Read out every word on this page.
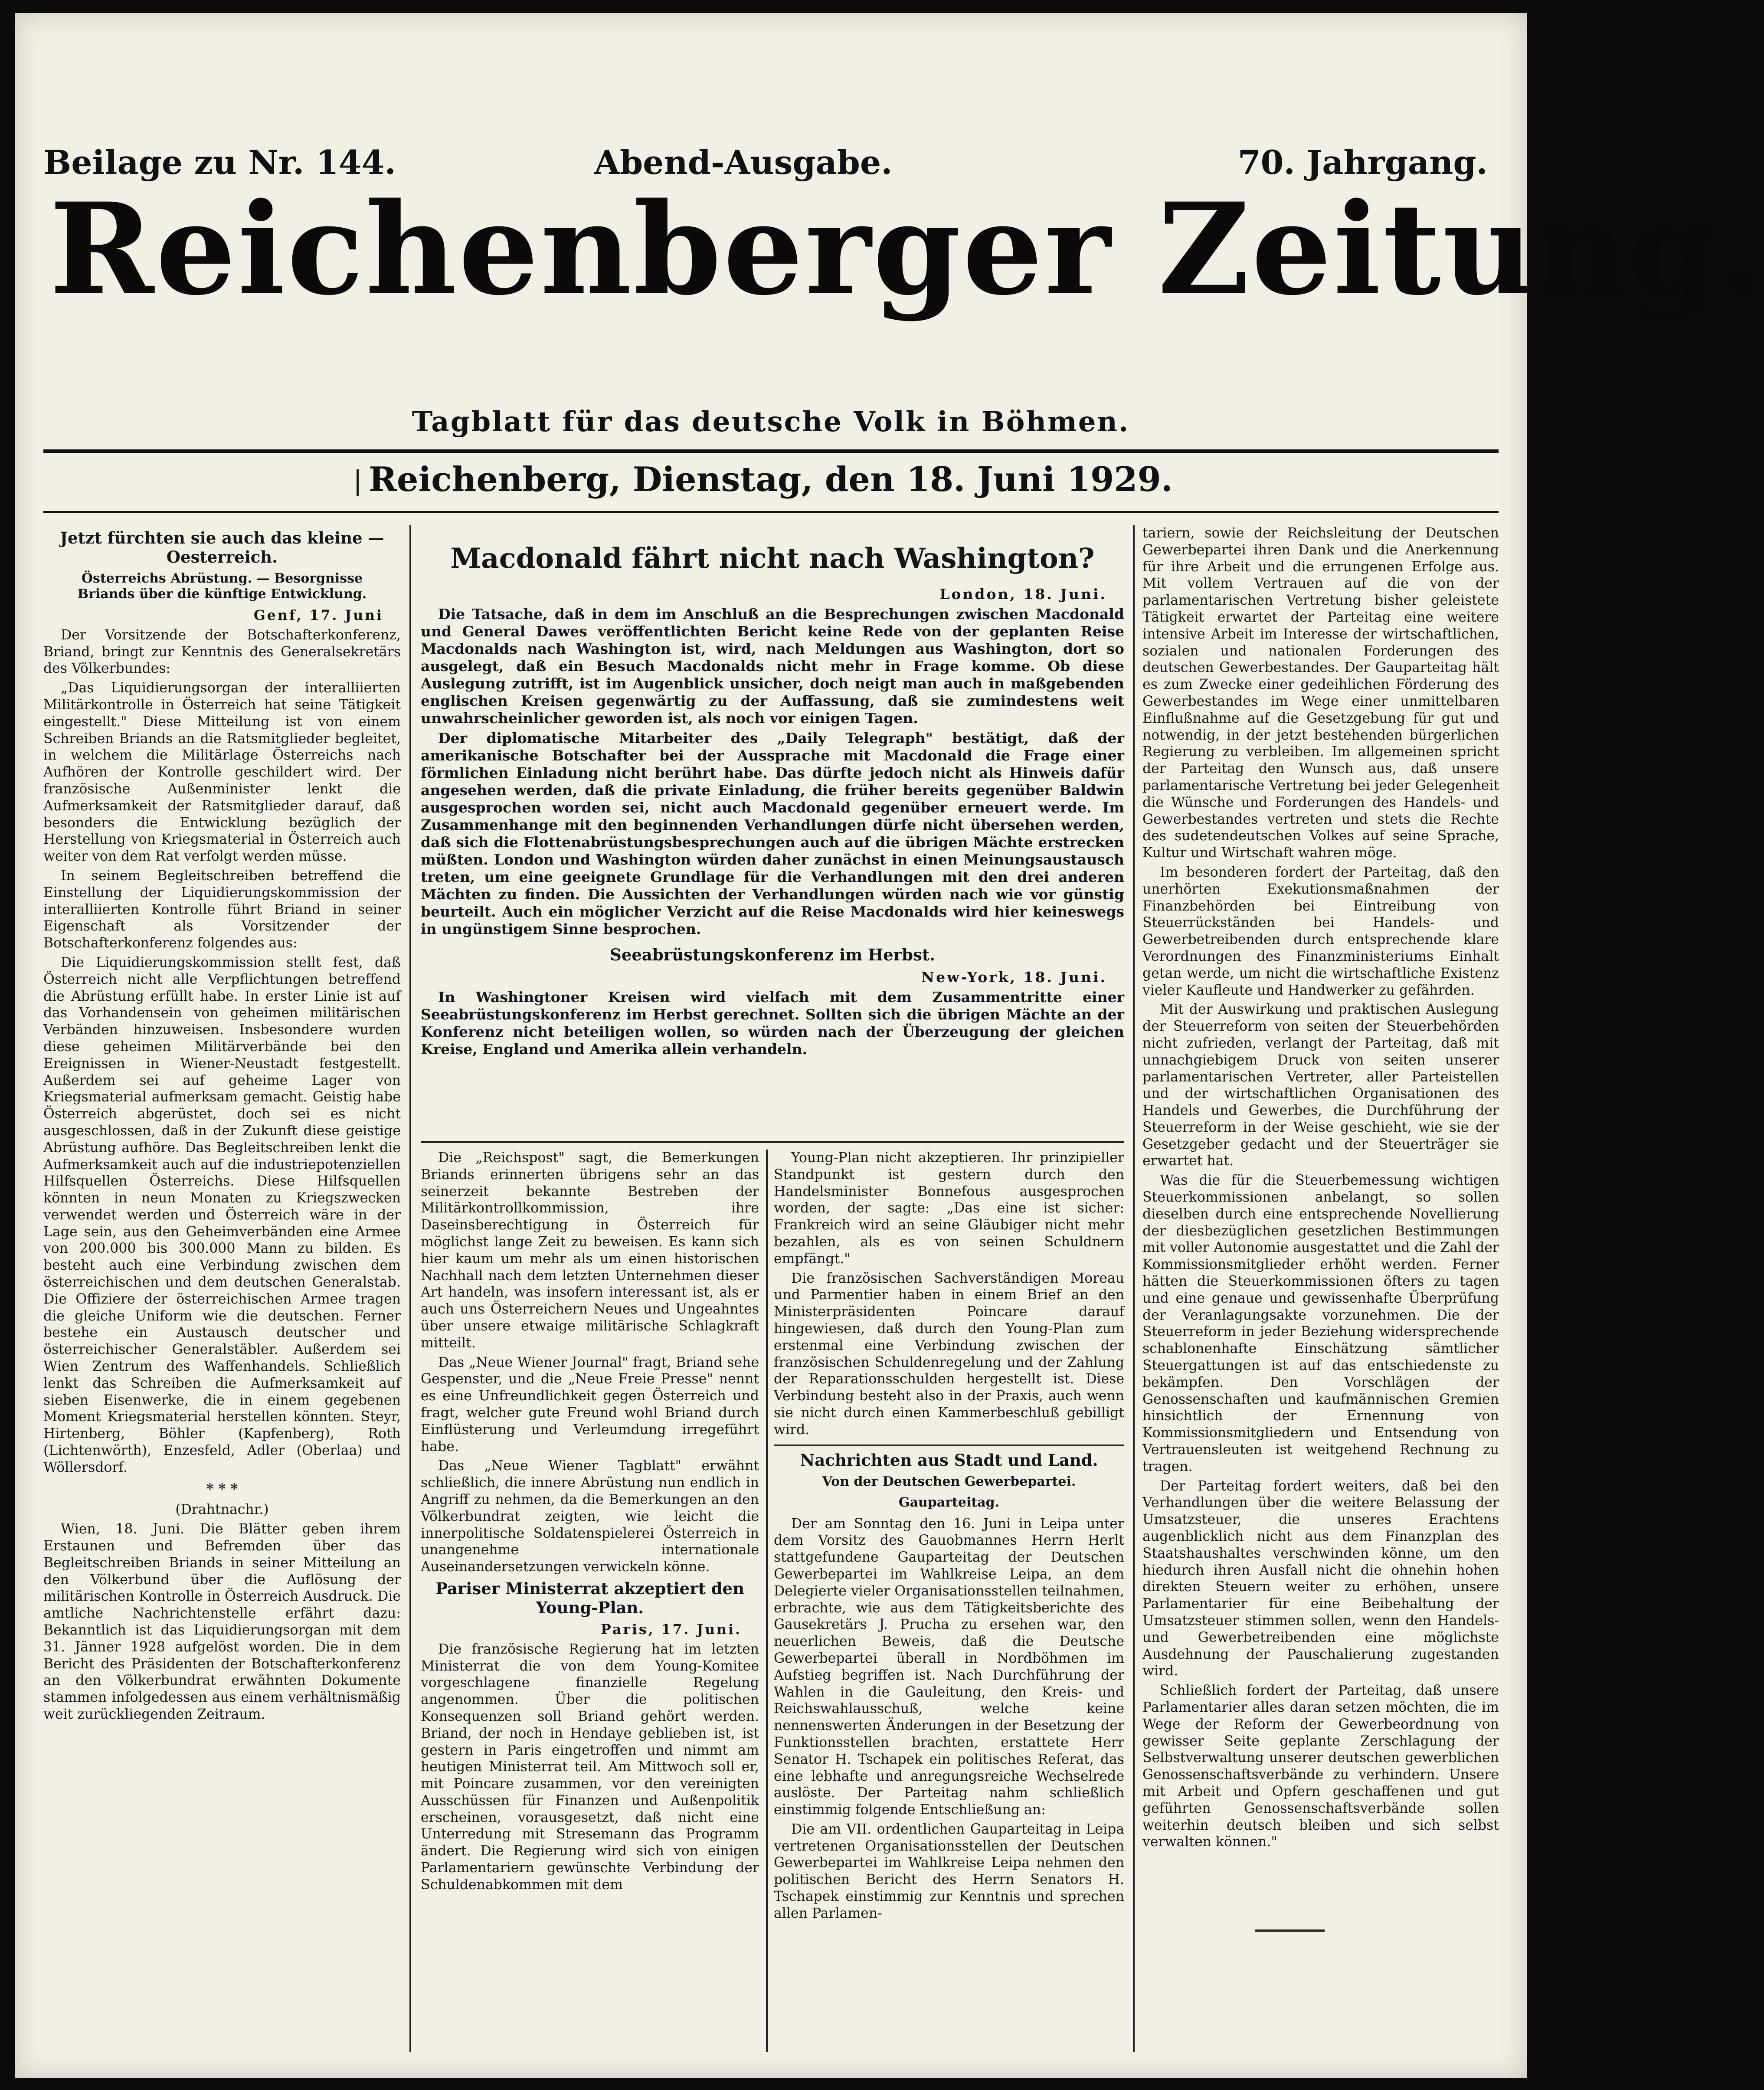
Beilage zu Nr. 144.	Abend-Ausgabe.	70. Jahrgang.
Reichenberger Zeitung.
Tagblatt für das deutsche Volk in Böhmen.
Reichenberg, Dienstag, den 18. Juni 1929.
Jetzt fürchten sie auch das kleine — Oesterreich.
Österreichs Abrüstung. — Besorgnisse Briands über die künftige Entwicklung.

Genf, 17. Juni

Der Vorsitzende der Botschafterkonferenz, Briand, bringt zur Kenntnis des Generalsekretärs des Völkerbundes:

„Das Liquidierungsorgan der interalliierten Militärkontrolle in Österreich hat seine Tätigkeit eingestellt." Diese Mitteilung ist von einem Schreiben Briands an die Ratsmitglieder begleitet, in welchem die Militärlage Österreichs nach Aufhören der Kontrolle geschildert wird. Der französische Außenminister lenkt die Aufmerksamkeit der Ratsmitglieder darauf, daß besonders die Entwicklung bezüglich der Herstellung von Kriegsmaterial in Österreich auch weiter von dem Rat verfolgt werden müsse.

In seinem Begleitschreiben betreffend die Einstellung der Liquidierungskommission der interalliierten Kontrolle führt Briand in seiner Eigenschaft als Vorsitzender der Botschafterkonferenz folgendes aus:

Die Liquidierungskommission stellt fest, daß Österreich nicht alle Verpflichtungen betreffend die Abrüstung erfüllt habe. In erster Linie ist auf das Vorhandensein von geheimen militärischen Verbänden hinzuweisen. Insbesondere wurden diese geheimen Militärverbände bei den Ereignissen in Wiener-Neustadt festgestellt. Außerdem sei auf geheime Lager von Kriegsmaterial aufmerksam gemacht. Geistig habe Österreich abgerüstet, doch sei es nicht ausgeschlossen, daß in der Zukunft diese geistige Abrüstung aufhöre. Das Begleitschreiben lenkt die Aufmerksamkeit auch auf die industriepotenziellen Hilfsquellen Österreichs. Diese Hilfsquellen könnten in neun Monaten zu Kriegszwecken verwendet werden und Österreich wäre in der Lage sein, aus den Geheimverbänden eine Armee von 200.000 bis 300.000 Mann zu bilden. Es besteht auch eine Verbindung zwischen dem österreichischen und dem deutschen Generalstab. Die Offiziere der österreichischen Armee tragen die gleiche Uniform wie die deutschen. Ferner bestehe ein Austausch deutscher und österreichischer Generalstäbler. Außerdem sei Wien Zentrum des Waffenhandels. Schließlich lenkt das Schreiben die Aufmerksamkeit auf sieben Eisenwerke, die in einem gegebenen Moment Kriegsmaterial herstellen könnten. Steyr, Hirtenberg, Böhler (Kapfenberg), Roth (Lichtenwörth), Enzesfeld, Adler (Oberlaa) und Wöllersdorf.

* * *

(Drahtnachr.)

Wien, 18. Juni. Die Blätter geben ihrem Erstaunen und Befremden über das Begleitschreiben Briands in seiner Mitteilung an den Völkerbund über die Auflösung der militärischen Kontrolle in Österreich Ausdruck. Die amtliche Nachrichtenstelle erfährt dazu: Bekanntlich ist das Liquidierungsorgan mit dem 31. Jänner 1928 aufgelöst worden. Die in dem Bericht des Präsidenten der Botschafterkonferenz an den Völkerbundrat erwähnten Dokumente stammen infolgedessen aus einem verhältnismäßig weit zurückliegenden Zeitraum.

Macdonald fährt nicht nach Washington?

London, 18. Juni.

Die Tatsache, daß in dem im Anschluß an die Besprechungen zwischen Macdonald und General Dawes veröffentlichten Bericht keine Rede von der geplanten Reise Macdonalds nach Washington ist, wird, nach Meldungen aus Washington, dort so ausgelegt, daß ein Besuch Macdonalds nicht mehr in Frage komme. Ob diese Auslegung zutrifft, ist im Augenblick unsicher, doch neigt man auch in maßgebenden englischen Kreisen gegenwärtig zu der Auffassung, daß sie zumindestens weit unwahrscheinlicher geworden ist, als noch vor einigen Tagen.

Der diplomatische Mitarbeiter des „Daily Telegraph" bestätigt, daß der amerikanische Botschafter bei der Aussprache mit Macdonald die Frage einer förmlichen Einladung nicht berührt habe. Das dürfte jedoch nicht als Hinweis dafür angesehen werden, daß die private Einladung, die früher bereits gegenüber Baldwin ausgesprochen worden sei, nicht auch Macdonald gegenüber erneuert werde. Im Zusammenhange mit den beginnenden Verhandlungen dürfe nicht übersehen werden, daß sich die Flottenabrüstungsbesprechungen auch auf die übrigen Mächte erstrecken müßten. London und Washington würden daher zunächst in einen Meinungsaustausch treten, um eine geeignete Grundlage für die Verhandlungen mit den drei anderen Mächten zu finden. Die Aussichten der Verhandlungen würden nach wie vor günstig beurteilt. Auch ein möglicher Verzicht auf die Reise Macdonalds wird hier keineswegs in ungünstigem Sinne besprochen.

Seeabrüstungskonferenz im Herbst.

New-York, 18. Juni.

In Washingtoner Kreisen wird vielfach mit dem Zusammentritte einer Seeabrüstungskonferenz im Herbst gerechnet. Sollten sich die übrigen Mächte an der Konferenz nicht beteiligen wollen, so würden nach der Überzeugung der gleichen Kreise, England und Amerika allein verhandeln.

Die „Reichspost" sagt, die Bemerkungen Briands erinnerten übrigens sehr an das seinerzeit bekannte Bestreben der Militärkontrollkommission, ihre Daseinsberechtigung in Österreich für möglichst lange Zeit zu beweisen. Es kann sich hier kaum um mehr als um einen historischen Nachhall nach dem letzten Unternehmen dieser Art handeln, was insofern interessant ist, als er auch uns Österreichern Neues und Ungeahntes über unsere etwaige militärische Schlagkraft mitteilt.

Das „Neue Wiener Journal" fragt, Briand sehe Gespenster, und die „Neue Freie Presse" nennt es eine Unfreundlichkeit gegen Österreich und fragt, welcher gute Freund wohl Briand durch Einflüsterung und Verleumdung irregeführt habe.

Das „Neue Wiener Tagblatt" erwähnt schließlich, die innere Abrüstung nun endlich in Angriff zu nehmen, da die Bemerkungen an den Völkerbundrat zeigten, wie leicht die innerpolitische Soldatenspielerei Österreich in unangenehme internationale Auseinandersetzungen verwickeln könne.

Pariser Ministerrat akzeptiert den Young-Plan.

Paris, 17. Juni.

Die französische Regierung hat im letzten Ministerrat die von dem Young-Komitee vorgeschlagene finanzielle Regelung angenommen. Über die politischen Konsequenzen soll Briand gehört werden. Briand, der noch in Hendaye geblieben ist, ist gestern in Paris eingetroffen und nimmt am heutigen Ministerrat teil. Am Mittwoch soll er, mit Poincare zusammen, vor den vereinigten Ausschüssen für Finanzen und Außenpolitik erscheinen, vorausgesetzt, daß nicht eine Unterredung mit Stresemann das Programm ändert. Die Regierung wird sich von einigen Parlamentariern gewünschte Verbindung der Schuldenabkommen mit dem

Young-Plan nicht akzeptieren. Ihr prinzipieller Standpunkt ist gestern durch den Handelsminister Bonnefous ausgesprochen worden, der sagte: „Das eine ist sicher: Frankreich wird an seine Gläubiger nicht mehr bezahlen, als es von seinen Schuldnern empfängt."

Die französischen Sachverständigen Moreau und Parmentier haben in einem Brief an den Ministerpräsidenten Poincare darauf hingewiesen, daß durch den Young-Plan zum erstenmal eine Verbindung zwischen der französischen Schuldenregelung und der Zahlung der Reparationsschulden hergestellt ist. Diese Verbindung besteht also in der Praxis, auch wenn sie nicht durch einen Kammerbeschluß gebilligt wird.

Nachrichten aus Stadt und Land.
Von der Deutschen Gewerbepartei.
Gauparteitag.

Der am Sonntag den 16. Juni in Leipa unter dem Vorsitz des Gauobmannes Herrn Herlt stattgefundene Gauparteitag der Deutschen Gewerbepartei im Wahlkreise Leipa, an dem Delegierte vieler Organisationsstellen teilnahmen, erbrachte, wie aus dem Tätigkeitsberichte des Gausekretärs J. Prucha zu ersehen war, den neuerlichen Beweis, daß die Deutsche Gewerbepartei überall in Nordböhmen im Aufstieg begriffen ist. Nach Durchführung der Wahlen in die Gauleitung, den Kreis- und Reichswahlausschuß, welche keine nennenswerten Änderungen in der Besetzung der Funktionsstellen brachten, erstattete Herr Senator H. Tschapek ein politisches Referat, das eine lebhafte und anregungsreiche Wechselrede auslöste. Der Parteitag nahm schließlich einstimmig folgende Entschließung an:

Die am VII. ordentlichen Gauparteitag in Leipa vertretenen Organisationsstellen der Deutschen Gewerbepartei im Wahlkreise Leipa nehmen den politischen Bericht des Herrn Senators H. Tschapek einstimmig zur Kenntnis und sprechen allen Parlamen-

tariern, sowie der Reichsleitung der Deutschen Gewerbepartei ihren Dank und die Anerkennung für ihre Arbeit und die errungenen Erfolge aus. Mit vollem Vertrauen auf die von der parlamentarischen Vertretung bisher geleistete Tätigkeit erwartet der Parteitag eine weitere intensive Arbeit im Interesse der wirtschaftlichen, sozialen und nationalen Forderungen des deutschen Gewerbestandes. Der Gauparteitag hält es zum Zwecke einer gedeihlichen Förderung des Gewerbestandes im Wege einer unmittelbaren Einflußnahme auf die Gesetzgebung für gut und notwendig, in der jetzt bestehenden bürgerlichen Regierung zu verbleiben. Im allgemeinen spricht der Parteitag den Wunsch aus, daß unsere parlamentarische Vertretung bei jeder Gelegenheit die Wünsche und Forderungen des Handels- und Gewerbestandes vertreten und stets die Rechte des sudetendeutschen Volkes auf seine Sprache, Kultur und Wirtschaft wahren möge.

Im besonderen fordert der Parteitag, daß den unerhörten Exekutionsmaßnahmen der Finanzbehörden bei Eintreibung von Steuerrückständen bei Handels- und Gewerbetreibenden durch entsprechende klare Verordnungen des Finanzministeriums Einhalt getan werde, um nicht die wirtschaftliche Existenz vieler Kaufleute und Handwerker zu gefährden.

Mit der Auswirkung und praktischen Auslegung der Steuerreform von seiten der Steuerbehörden nicht zufrieden, verlangt der Parteitag, daß mit unnachgiebigem Druck von seiten unserer parlamentarischen Vertreter, aller Parteistellen und der wirtschaftlichen Organisationen des Handels und Gewerbes, die Durchführung der Steuerreform in der Weise geschieht, wie sie der Gesetzgeber gedacht und der Steuerträger sie erwartet hat.

Was die für die Steuerbemessung wichtigen Steuerkommissionen anbelangt, so sollen dieselben durch eine entsprechende Novellierung der diesbezüglichen gesetzlichen Bestimmungen mit voller Autonomie ausgestattet und die Zahl der Kommissionsmitglieder erhöht werden. Ferner hätten die Steuerkommissionen öfters zu tagen und eine genaue und gewissenhafte Überprüfung der Veranlagungsakte vorzunehmen. Die der Steuerreform in jeder Beziehung widersprechende schablonenhafte Einschätzung sämtlicher Steuergattungen ist auf das entschiedenste zu bekämpfen. Den Vorschlägen der Genossenschaften und kaufmännischen Gremien hinsichtlich der Ernennung von Kommissionsmitgliedern und Entsendung von Vertrauensleuten ist weitgehend Rechnung zu tragen.

Der Parteitag fordert weiters, daß bei den Verhandlungen über die weitere Belassung der Umsatzsteuer, die unseres Erachtens augenblicklich nicht aus dem Finanzplan des Staatshaushaltes verschwinden könne, um den hiedurch ihren Ausfall nicht die ohnehin hohen direkten Steuern weiter zu erhöhen, unsere Parlamentarier für eine Beibehaltung der Umsatzsteuer stimmen sollen, wenn den Handels- und Gewerbetreibenden eine möglichste Ausdehnung der Pauschalierung zugestanden wird.

Schließlich fordert der Parteitag, daß unsere Parlamentarier alles daran setzen möchten, die im Wege der Reform der Gewerbeordnung von gewisser Seite geplante Zerschlagung der Selbstverwaltung unserer deutschen gewerblichen Genossenschaftsverbände zu verhindern. Unsere mit Arbeit und Opfern geschaffenen und gut geführten Genossenschaftsverbände sollen weiterhin deutsch bleiben und sich selbst verwalten können."
